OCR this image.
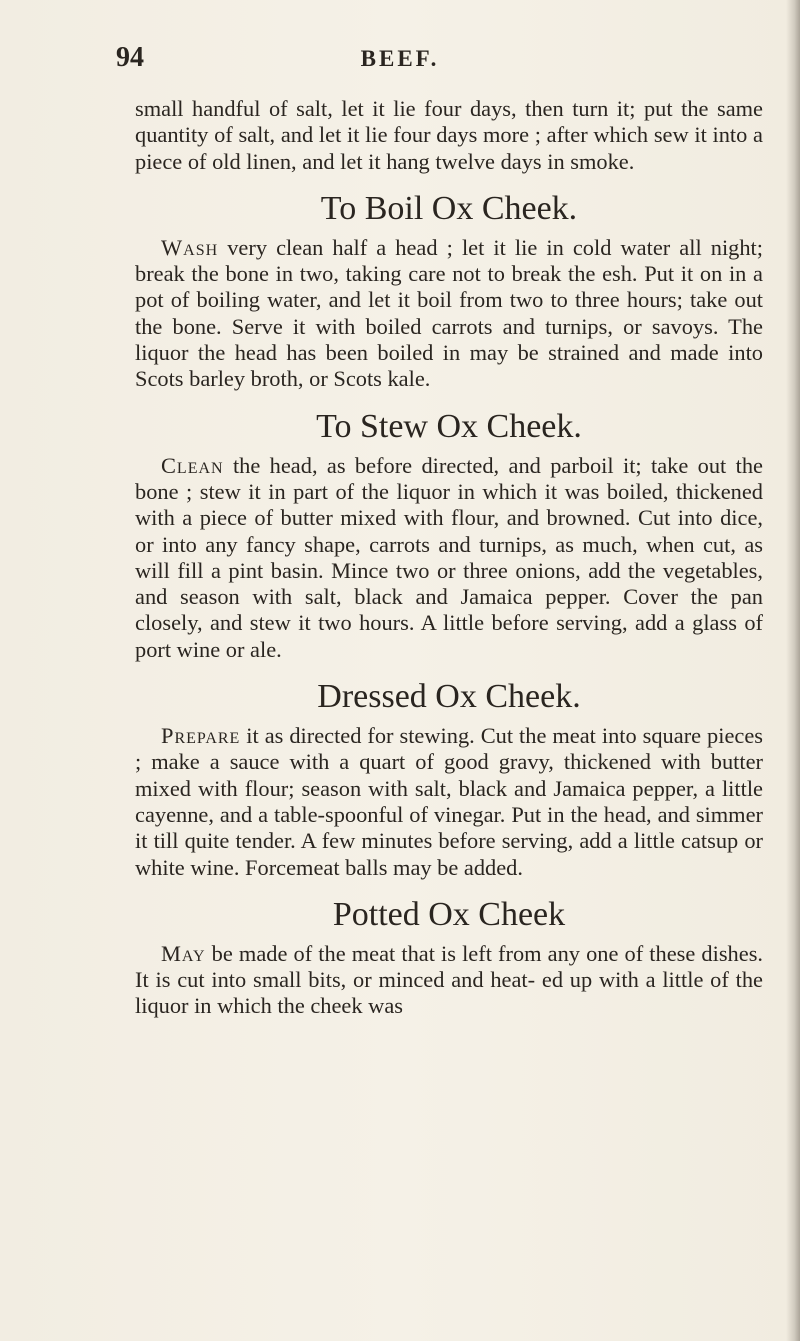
94	BEEF.

small handful of salt, let it lie four days, then turn it; put the same quantity of salt, and let it lie four days more ; after which sew it into a piece of old linen, and let it hang twelve days in smoke.

To Boil Ox Cheek.

Wash very clean half a head ; let it lie in cold water all night; break the bone in two, taking care not to break the esh. Put it on in a pot of boiling water, and let it boil from two to three hours; take out the bone. Serve it with boiled carrots and turnips, or savoys. The liquor the head has been boiled in may be strained and made into Scots barley broth, or Scots kale.

To Stew Ox Cheek.

Clean the head, as before directed, and parboil it; take out the bone ; stew it in part of the liquor in which it was boiled, thickened with a piece of butter mixed with flour, and browned. Cut into dice, or into any fancy shape, carrots and turnips, as much, when cut, as will fill a pint basin. Mince two or three onions, add the vegetables, and season with salt, black and Jamaica pepper. Cover the pan closely, and stew it two hours. A little before serving, add a glass of port wine or ale.

Dressed Ox Cheek.

Prepare it as directed for stewing. Cut the meat into square pieces ; make a sauce with a quart of good gravy, thickened with butter mixed with flour; season with salt, black and Jamaica pepper, a little cayenne, and a table-spoonful of vinegar. Put in the head, and simmer it till quite tender. A few minutes before serving, add a little catsup or white wine. Forcemeat balls may be added.

Potted Ox Cheek

May be made of the meat that is left from any one of these dishes. It is cut into small bits, or minced and heat- ed up with a little of the liquor in which the cheek was
